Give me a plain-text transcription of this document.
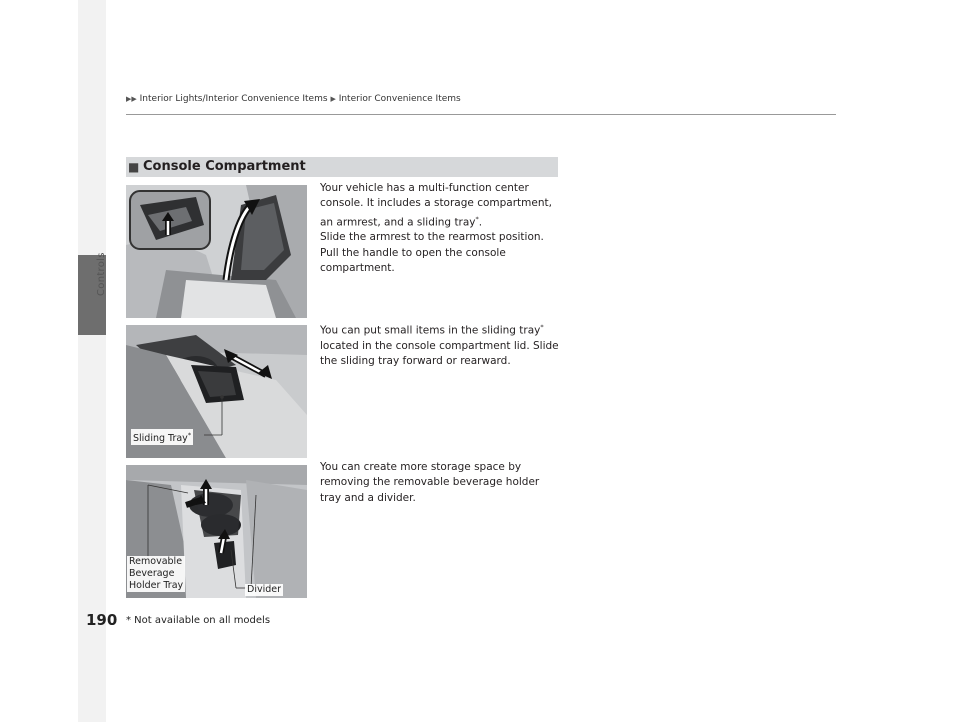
Controls
▶▶ Interior Lights/Interior Convenience Items ▶ Interior Convenience Items
■ Console Compartment
Your vehicle has a multi-function center console. It includes a storage compartment, an armrest, and a sliding tray*.
Slide the armrest to the rearmost position. Pull the handle to open the console compartment.
You can put small items in the sliding tray* located in the console compartment lid. Slide the sliding tray forward or rearward.
You can create more storage space by removing the removable beverage holder tray and a divider.
Sliding Tray*
Removable
Beverage
Holder Tray	Divider
190 * Not available on all models
